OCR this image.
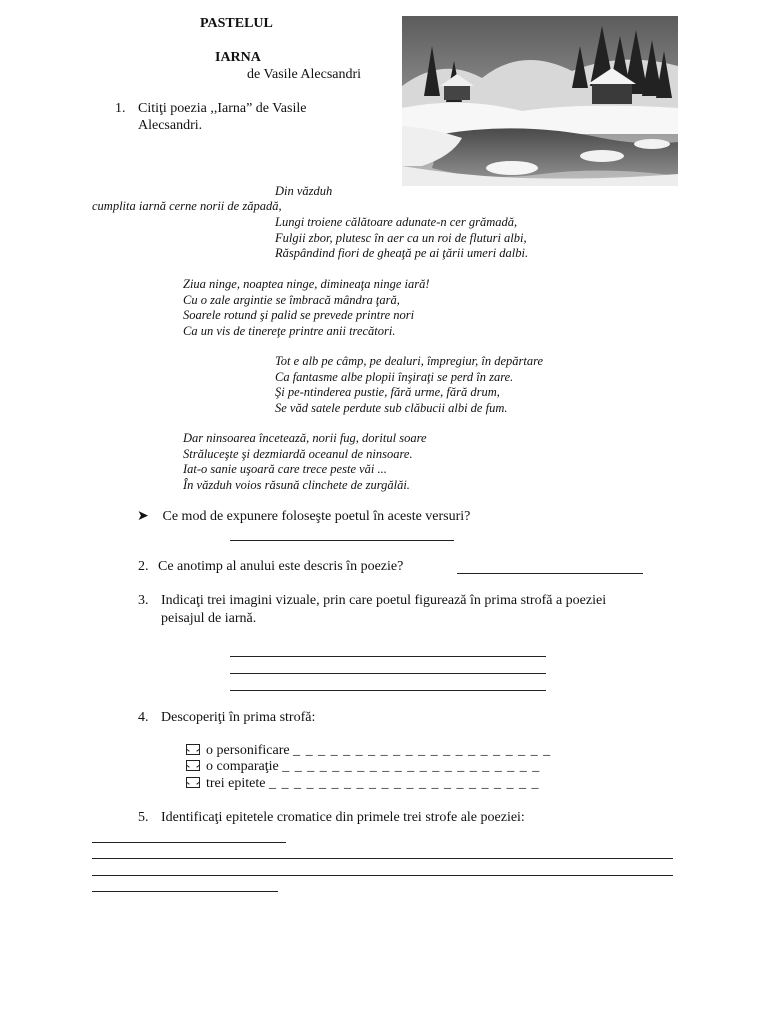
PASTELUL
IARNA
de Vasile Alecsandri
1. Citiţi poezia ,,Iarna” de Vasile
Alecsandri.
Din văzduh
cumplita iarnă cerne norii de zăpadă,
Lungi troiene călătoare adunate-n cer grămadă,
Fulgii zbor, plutesc în aer ca un roi de fluturi albi,
Răspândind fiori de gheaţă pe ai ţării umeri dalbi.
Ziua ninge, noaptea ninge, dimineaţa ninge iară!
Cu o zale argintie se îmbracă mândra ţară,
Soarele rotund şi palid se prevede printre nori
Ca un vis de tinereţe printre anii trecători.
Tot e alb pe câmp, pe dealuri, împregiur, în depărtare
Ca fantasme albe plopii înşiraţi se perd în zare.
Şi pe-ntinderea pustie, fără urme, fără drum,
Se văd satele perdute sub clăbucii albi de fum.
Dar ninsoarea încetează, norii fug, doritul soare
Străluceşte şi dezmiardă oceanul de ninsoare.
Iat-o sanie uşoară care trece peste văi ...
În văzduh voios răsună clinchete de zurgălăi.
➤ Ce mod de expunere foloseşte poetul în aceste versuri?
2. Ce anotimp al anului este descris în poezie?
3. Indicaţi trei imagini vizuale, prin care poetul figurează în prima strofă a poeziei
peisajul de iarnă.
4. Descoperiţi în prima strofă:
o personificare _ _ _ _ _ _ _ _ _ _ _ _ _ _ _ _ _ _ _ _ _
o comparaţie _ _ _ _ _ _ _ _ _ _ _ _ _ _ _ _ _ _ _ _ _
trei epitete _ _ _ _ _ _ _ _ _ _ _ _ _ _ _ _ _ _ _ _ _ _
5. Identificaţi epitetele cromatice din primele trei strofe ale poeziei:
